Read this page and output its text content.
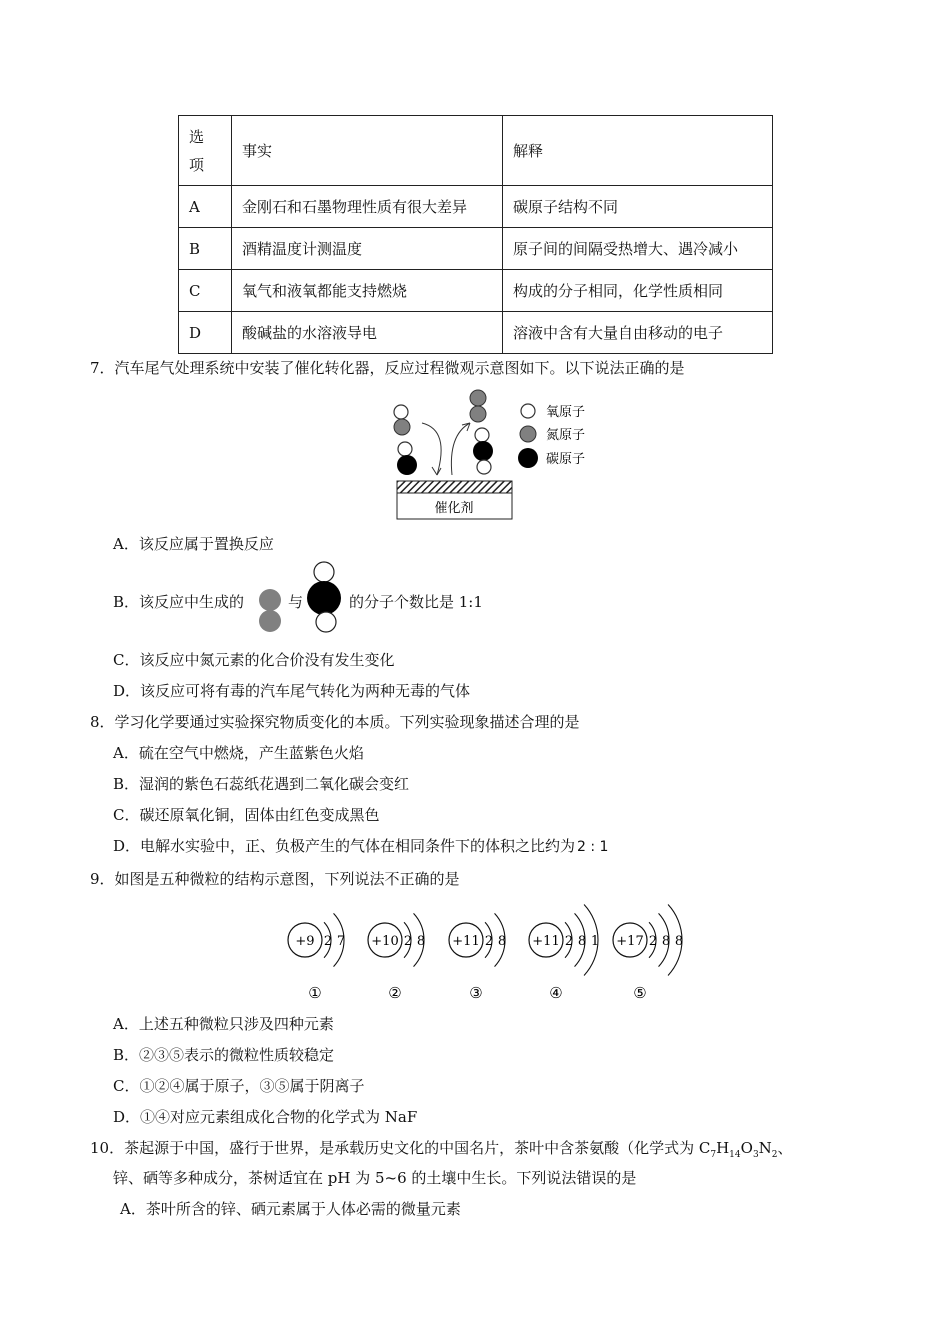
选
项	事实	解释
A	金刚石和石墨物理性质有很大差异	碳原子结构不同
B	酒精温度计测温度	原子间的间隔受热增大、遇冷减小
C	氧气和液氧都能支持燃烧	构成的分子相同，化学性质相同
D	酸碱盐的水溶液导电	溶液中含有大量自由移动的电子
7．汽车尾气处理系统中安装了催化转化器，反应过程微观示意图如下。以下说法正确的是
催化剂
氧原子
氮原子
碳原子
A．该反应属于置换反应
B．该反应中生成的	与	的分子个数比是 1:1
C．该反应中氮元素的化合价没有发生变化
D．该反应可将有毒的汽车尾气转化为两种无毒的气体
8．学习化学要通过实验探究物质变化的本质。下列实验现象描述合理的是
A．硫在空气中燃烧，产生蓝紫色火焰
B．湿润的紫色石蕊纸花遇到二氧化碳会变红
C．碳还原氧化铜，固体由红色变成黑色
D．电解水实验中，正、负极产生的气体在相同条件下的体积之比约为 2 : 1
9．如图是五种微粒的结构示意图，下列说法不正确的是
+9 2 7
①
+10 2 8
②
+11 2 8
③
+11 2 8 1
④
+17 2 8 8
⑤
A．上述五种微粒只涉及四种元素
B．②③⑤表示的微粒性质较稳定
C．①②④属于原子，③⑤属于阴离子
D．①④对应元素组成化合物的化学式为 NaF
10．茶起源于中国，盛行于世界，是承载历史文化的中国名片，茶叶中含茶氨酸（化学式为 $C_7H_{14}O_3N_2$、
锌、硒等多种成分，茶树适宜在 pH 为 5~6 的土壤中生长。下列说法错误的是
A．茶叶所含的锌、硒元素属于人体必需的微量元素
